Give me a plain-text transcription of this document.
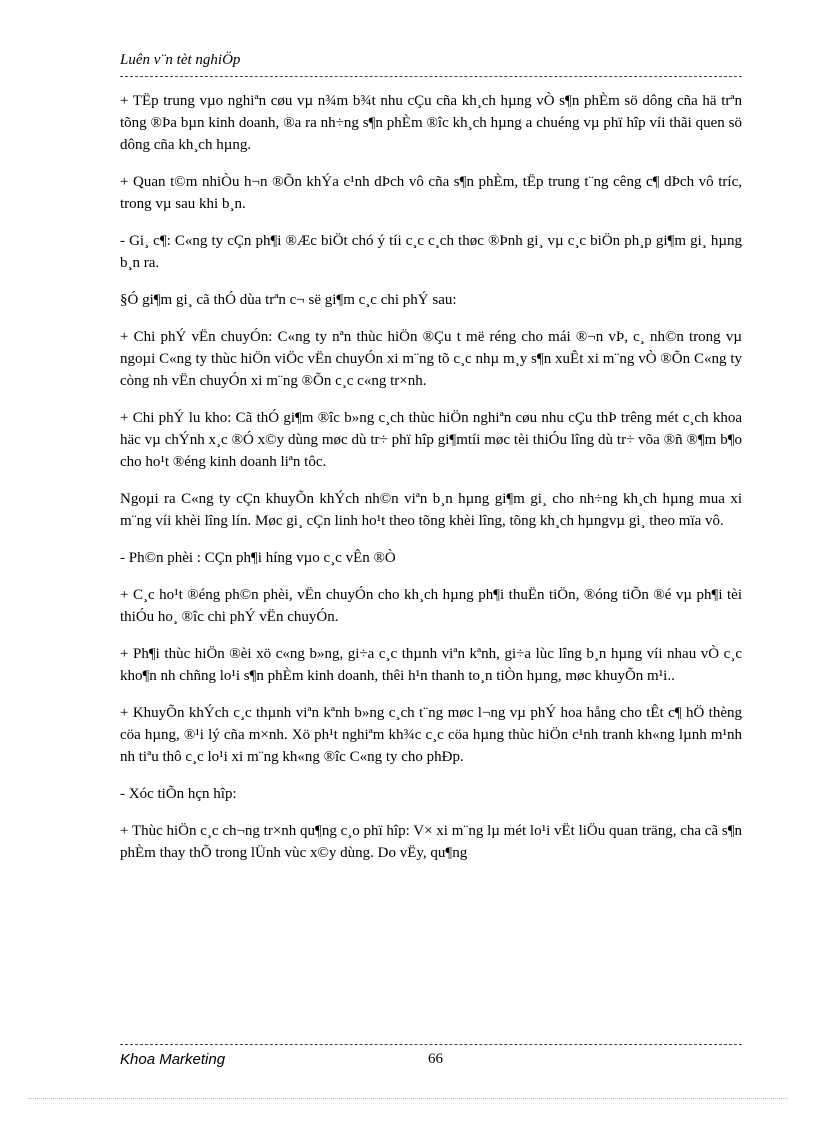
Luên v¨n tèt nghiÖp

+ TËp trung vµo nghiªn cøu vµ n¾m b¾t nhu cÇu cña kh¸ch hµng vÒ s¶n phÈm sö dông cña hä trªn tõng ®Þa bµn kinh doanh, ®a ra nh÷ng s¶n phÈm ®îc kh¸ch hµng a chuéng vµ phï hîp víi thãi quen sö dông cña kh¸ch hµng.

+ Quan t©m nhiÒu h¬n ®Õn khÝa c¹nh dÞch vô cña s¶n phÈm, tËp trung t¨ng cêng c¶ dÞch vô tríc, trong vµ sau khi b¸n.

- Gi¸ c¶: C«ng ty cÇn ph¶i ®Æc biÖt chó ý tíi c¸c c¸ch thøc ®Þnh gi¸ vµ c¸c biÖn ph¸p gi¶m gi¸ hµng b¸n ra.

§Ó gi¶m gi¸ cã thÓ dùa trªn c¬ së gi¶m c¸c chi phÝ sau:

+ Chi phÝ vËn chuyÓn: C«ng ty nªn thùc hiÖn ®Çu t më réng cho mái ®¬n vÞ, c¸ nh©n trong vµ ngoµi C«ng ty thùc hiÖn viÖc vËn chuyÓn xi m¨ng tõ c¸c nhµ m¸y s¶n xuÊt xi m¨ng vÒ ®Õn C«ng ty còng nh vËn chuyÓn xi m¨ng ®Õn c¸c c«ng tr×nh.

+ Chi phÝ lu kho: Cã thÓ gi¶m ®îc b»ng c¸ch thùc hiÖn nghiªn cøu nhu cÇu thÞ trêng mét c¸ch khoa häc vµ chÝnh x¸c ®Ó x©y dùng møc dù tr÷ phï hîp gi¶mtíi møc tèi thiÓu lîng dù tr÷ võa ®ñ ®¶m b¶o cho ho¹t ®éng kinh doanh liªn tôc.

Ngoµi ra C«ng ty cÇn khuyÕn khÝch nh©n viªn b¸n hµng gi¶m gi¸ cho nh÷ng kh¸ch hµng mua xi m¨ng víi khèi lîng lín. Møc gi¸ cÇn linh ho¹t theo tõng khèi lîng, tõng kh¸ch hµngvµ gi¸ theo mïa vô.

- Ph©n phèi : CÇn ph¶i híng vµo c¸c vÊn ®Ò

+ C¸c ho¹t ®éng ph©n phèi, vËn chuyÓn cho kh¸ch hµng ph¶i thuËn tiÖn, ®óng tiÕn ®é vµ ph¶i tèi thiÓu ho¸ ®îc chi phÝ vËn chuyÓn.

+ Ph¶i thùc hiÖn ®èi xö c«ng b»ng, gi÷a c¸c thµnh viªn kªnh, gi÷a lùc lîng b¸n hµng víi nhau vÒ c¸c kho¶n nh chñng lo¹i s¶n phÈm kinh doanh, thêi h¹n thanh to¸n tiÒn hµng, møc khuyÕn m¹i..

+ KhuyÕn khÝch c¸c thµnh viªn kªnh b»ng c¸ch t¨ng møc l¬ng vµ phÝ hoa hång cho tÊt c¶ hÖ thèng cöa hµng, ®¹i lý cña m×nh. Xö ph¹t nghiªm kh¾c c¸c cöa hµng thùc hiÖn c¹nh tranh kh«ng lµnh m¹nh nh tiªu thô c¸c lo¹i xi m¨ng kh«ng ®îc C«ng ty cho phÐp.

- Xóc tiÕn hçn hîp:

+ Thùc hiÖn c¸c ch¬ng tr×nh qu¶ng c¸o phï hîp: V× xi m¨ng lµ mét lo¹i vËt liÖu quan träng, cha cã s¶n phÈm thay thÕ trong lÜnh vùc x©y dùng. Do vËy, qu¶ng

Khoa Marketing	66
